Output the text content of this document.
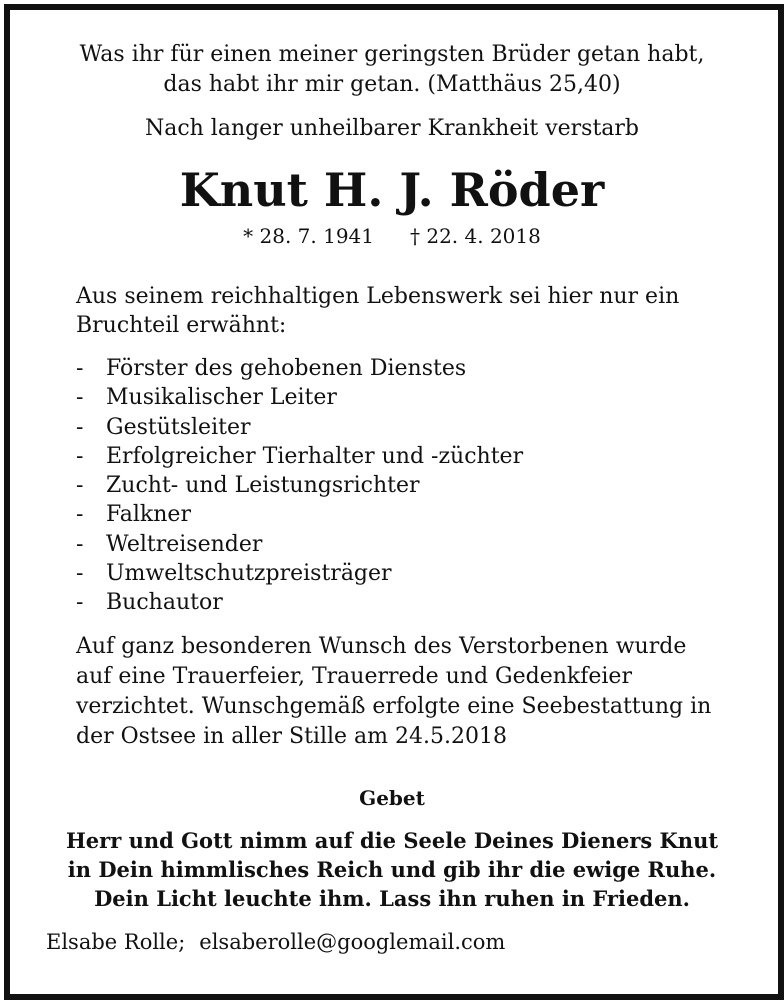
Was ihr für einen meiner geringsten Brüder getan habt,
das habt ihr mir getan. (Matthäus 25,40)
Nach langer unheilbarer Krankheit verstarb
Knut H. J. Röder
* 28. 7. 1941 † 22. 4. 2018
Aus seinem reichhaltigen Lebenswerk sei hier nur ein
Bruchteil erwähnt:
-	Förster des gehobenen Dienstes
-	Musikalischer Leiter
-	Gestütsleiter
-	Erfolgreicher Tierhalter und -züchter
-	Zucht- und Leistungsrichter
-	Falkner
-	Weltreisender
-	Umweltschutzpreisträger
-	Buchautor
Auf ganz besonderen Wunsch des Verstorbenen wurde
auf eine Trauerfeier, Trauerrede und Gedenkfeier
verzichtet. Wunschgemäß erfolgte eine Seebestattung in
der Ostsee in aller Stille am 24.5.2018
Gebet
Herr und Gott nimm auf die Seele Deines Dieners Knut
in Dein himmlisches Reich und gib ihr die ewige Ruhe.
Dein Licht leuchte ihm. Lass ihn ruhen in Frieden.
Elsabe Rolle; elsaberolle@googlemail.com
